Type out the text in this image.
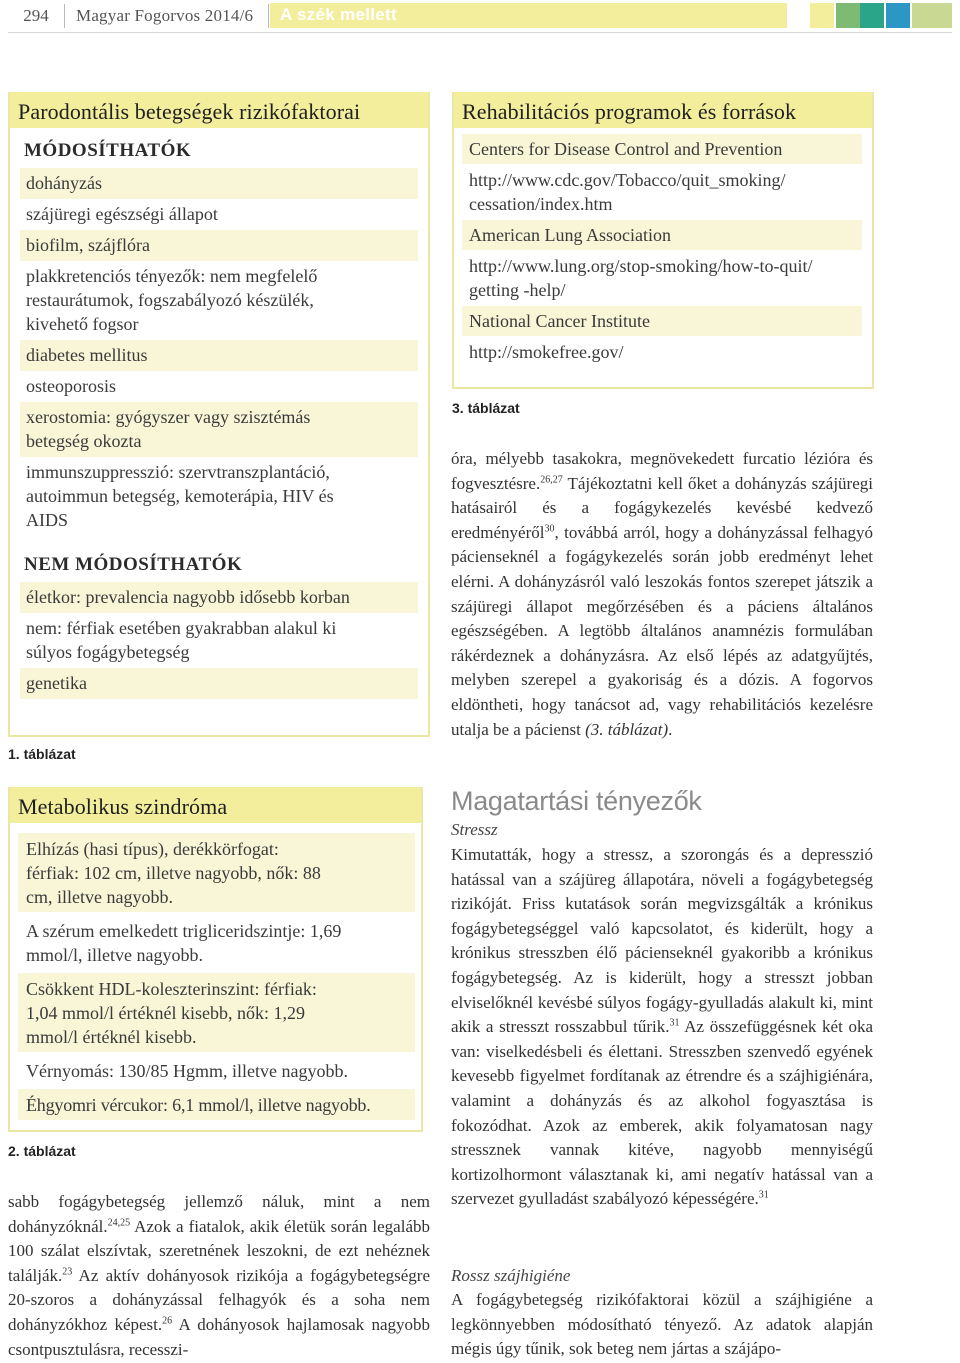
294	Magyar Fogorvos 2014/6 A szék mellett
Parodontális betegségek rizikófaktorai
MÓDOSÍTHATÓK
dohányzás
szájüregi egészségi állapot
biofilm, szájflóra
plakkretenciós tényezők: nem megfelelő restaurátumok, fogszabályozó készülék, kivehető fogsor
diabetes mellitus
osteoporosis
xerostomia: gyógyszer vagy szisztémás betegség okozta
immunszuppresszió: szervtranszplantáció, autoimmun betegség, kemoterápia, HIV és AIDS
NEM MÓDOSÍTHATÓK
életkor: prevalencia nagyobb idősebb korban
nem: férfiak esetében gyakrabban alakul ki súlyos fogágybetegség
genetika
1. táblázat
Metabolikus szindróma
Elhízás (hasi típus), derékkörfogat: férfiak: 102 cm, illetve nagyobb, nők: 88 cm, illetve nagyobb.
A szérum emelkedett trigliceridszintje: 1,69 mmol/l, illetve nagyobb.
Csökkent HDL-koleszterinszint: férfiak: 1,04 mmol/l értéknél kisebb, nők: 1,29 mmol/l értéknél kisebb.
Vérnyomás: 130/85 Hgmm, illetve nagyobb.
Éhgyomri vércukor: 6,1 mmol/l, illetve nagyobb.
2. táblázat
Rehabilitációs programok és források
Centers for Disease Control and Prevention
http://www.cdc.gov/Tobacco/quit_smoking/ cessation/index.htm
American Lung Association
http://www.lung.org/stop-smoking/how-to-quit/ getting -help/
National Cancer Institute
http://smokefree.gov/
3. táblázat
sabb fogágybetegség jellemző náluk, mint a nem dohányzóknál.$^{24,25}$ Azok a fiatalok, akik életük során legalább 100 szálat elszívtak, szeretnének leszokni, de ezt nehéznek találják.$^{23}$ Az aktív dohányosok rizikója a fogágybetegségre 20-szoros a dohányzással felhagyók és a soha nem dohányzókhoz képest.$^{26}$ A dohányosok hajlamosak nagyobb csontpusztulásra, recesszi-
óra, mélyebb tasakokra, megnövekedett furcatio lézióra és fogvesztésre.$^{26,27}$ Tájékoztatni kell őket a dohányzás szájüregi hatásairól és a fogágykezelés kevésbé kedvező eredményéről$^{30}$, továbbá arról, hogy a dohányzással felhagyó pácienseknél a fogágykezelés során jobb eredményt lehet elérni. A dohányzásról való leszokás fontos szerepet játszik a szájüregi állapot megőrzésében és a páciens általános egészségében. A legtöbb általános anamnézis formulában rákérdeznek a dohányzásra. Az első lépés az adatgyűjtés, melyben szerepel a gyakoriság és a dózis. A fogorvos eldöntheti, hogy tanácsot ad, vagy rehabilitációs kezelésre utalja be a pácienst (3. táblázat).
Magatartási tényezők
Stressz
Kimutatták, hogy a stressz, a szorongás és a depresszió hatással van a szájüreg állapotára, növeli a fogágybetegség rizikóját. Friss kutatások során megvizsgálták a krónikus fogágybetegséggel való kapcsolatot, és kiderült, hogy a krónikus stresszben élő pácienseknél gyakoribb a krónikus fogágybetegség. Az is kiderült, hogy a stresszt jobban elviselőknél kevésbé súlyos fogágy-gyulladás alakult ki, mint akik a stresszt rosszabbul tűrik.$^{31}$ Az összefüggésnek két oka van: viselkedésbeli és élettani. Stresszben szenvedő egyének kevesebb figyelmet fordítanak az étrendre és a szájhigiénára, valamint a dohányzás és az alkohol fogyasztása is fokozódhat. Azok az emberek, akik folyamatosan nagy stressznek vannak kitéve, nagyobb mennyiségű kortizolhormont választanak ki, ami negatív hatással van a szervezet gyulladást szabályozó képességére.$^{31}$
Rossz szájhigiéne
A fogágybetegség rizikófaktorai közül a szájhigiéne a legkönnyebben módosítható tényező. Az adatok alapján mégis úgy tűnik, sok beteg nem jártas a szájápo-
